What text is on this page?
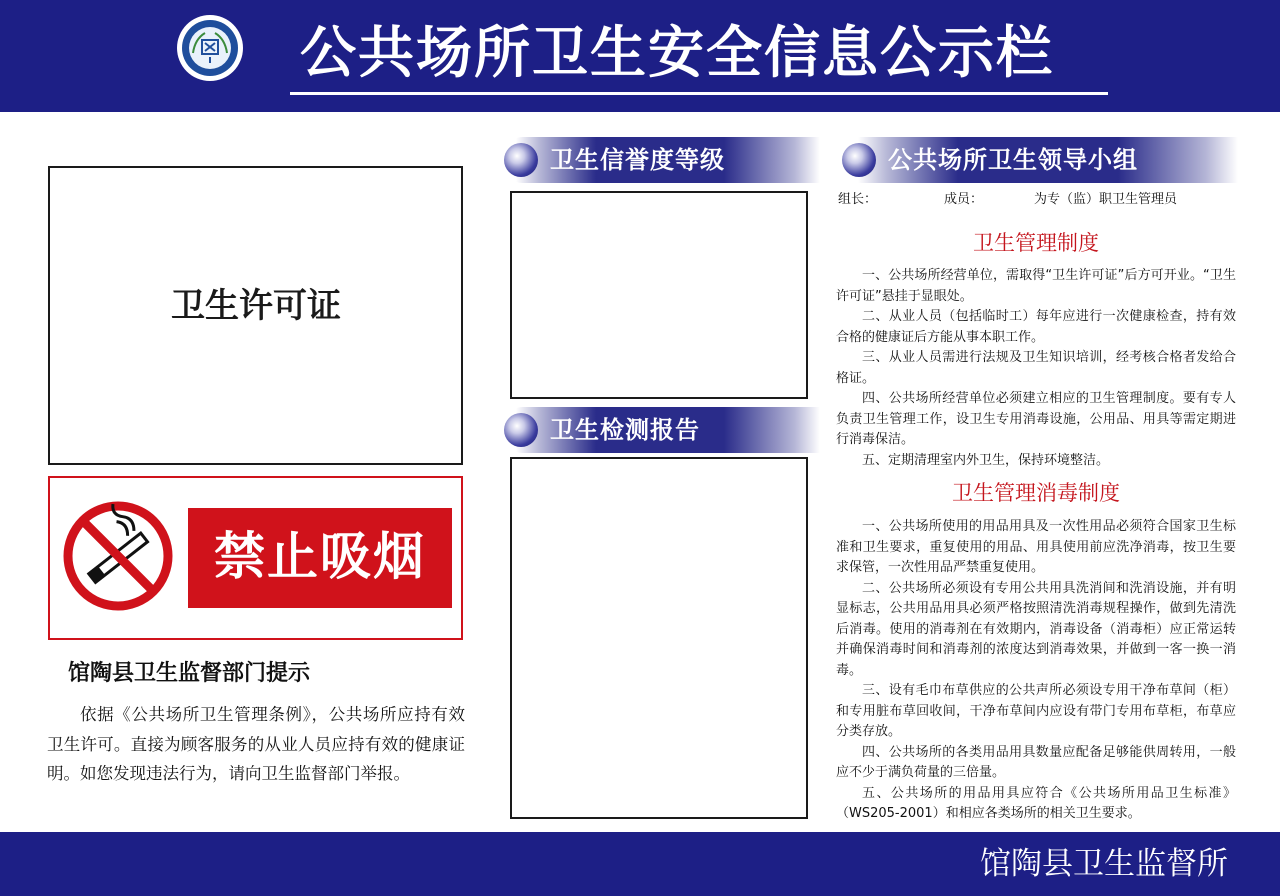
公共场所卫生安全信息公示栏
卫生许可证
禁止吸烟
馆陶县卫生监督部门提示
依据《公共场所卫生管理条例》，公共场所应持有效卫生许可。直接为顾客服务的从业人员应持有效的健康证明。如您发现违法行为，请向卫生监督部门举报。
卫生信誉度等级
卫生检测报告
公共场所卫生领导小组
组长：	成员：	为专（监）职卫生管理员
卫生管理制度

一、公共场所经营单位，需取得“卫生许可证”后方可开业。“卫生许可证”悬挂于显眼处。

二、从业人员（包括临时工）每年应进行一次健康检查，持有效合格的健康证后方能从事本职工作。

三、从业人员需进行法规及卫生知识培训，经考核合格者发给合格证。

四、公共场所经营单位必须建立相应的卫生管理制度。要有专人负责卫生管理工作，设卫生专用消毒设施，公用品、用具等需定期进行消毒保洁。

五、定期清理室内外卫生，保持环境整洁。

卫生管理消毒制度

一、公共场所使用的用品用具及一次性用品必须符合国家卫生标准和卫生要求，重复使用的用品、用具使用前应洗净消毒，按卫生要求保管，一次性用品严禁重复使用。

二、公共场所必须设有专用公共用具洗消间和洗消设施，并有明显标志，公共用品用具必须严格按照清洗消毒规程操作，做到先清洗后消毒。使用的消毒剂在有效期内，消毒设备（消毒柜）应正常运转并确保消毒时间和消毒剂的浓度达到消毒效果，并做到一客一换一消毒。

三、设有毛巾布草供应的公共声所必须设专用干净布草间（柜）和专用脏布草回收间，干净布草间内应设有带门专用布草柜，布草应分类存放。

四、公共场所的各类用品用具数量应配备足够能供周转用，一般应不少于满负荷量的三倍量。

五、公共场所的用品用具应符合《公共场所用品卫生标准》（WS205-2001）和相应各类场所的相关卫生要求。

馆陶县卫生监督所
